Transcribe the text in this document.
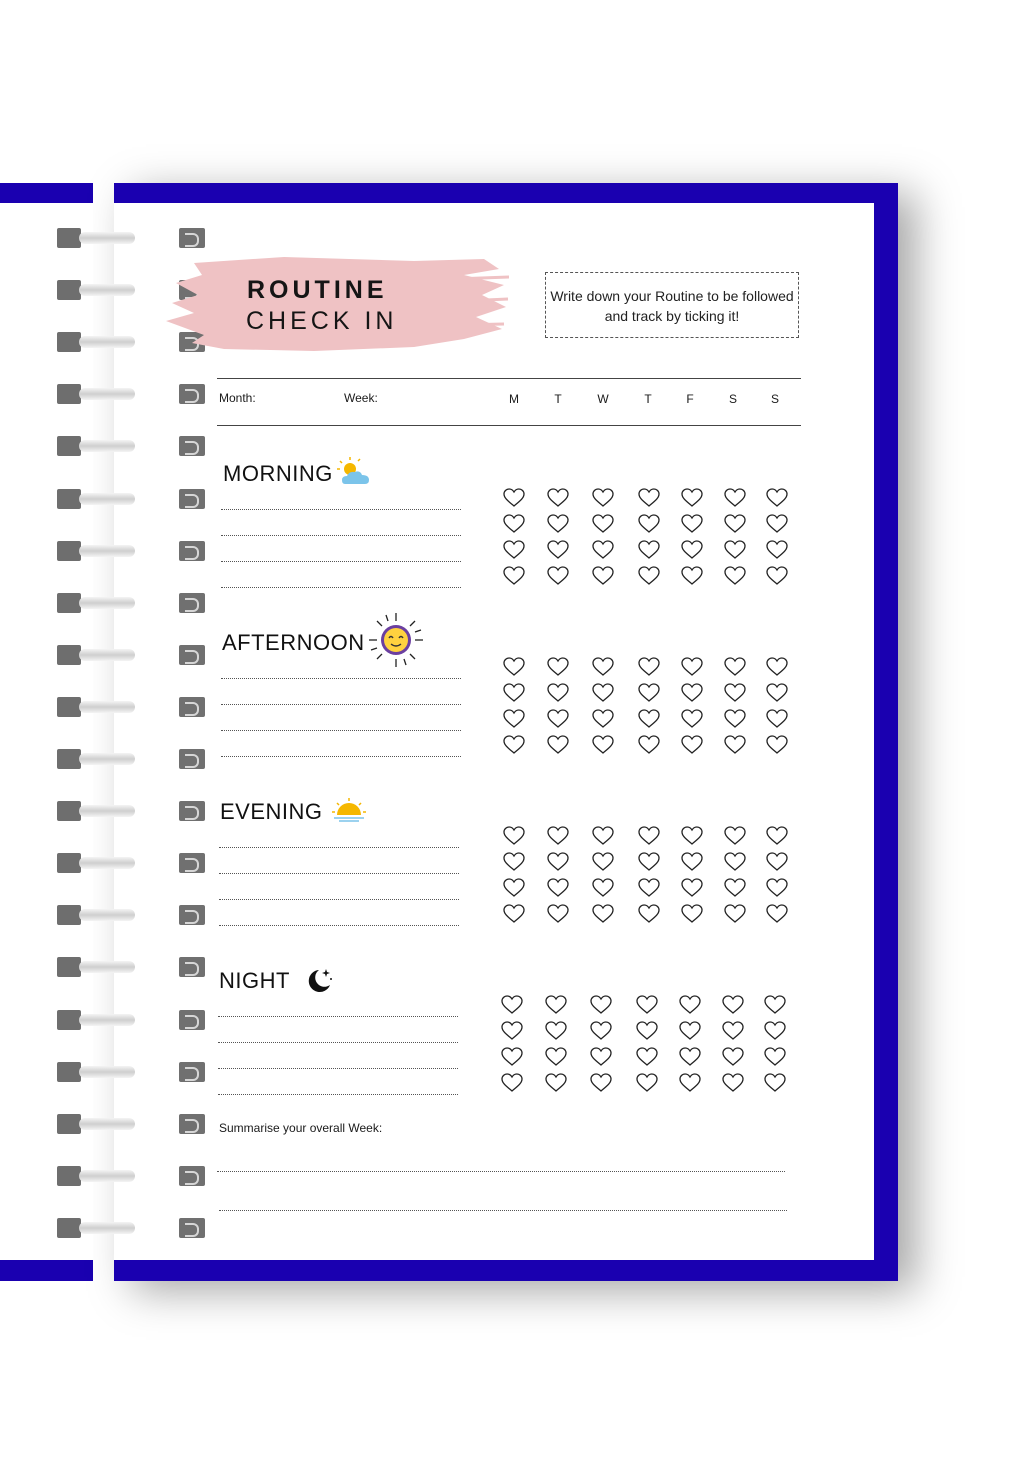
ROUTINE
CHECK IN
Write down your Routine to be followed and track by ticking it!
Month:	Week:	M	T	W	T	F	S	S
MORNING
AFTERNOON
EVENING
NIGHT
Summarise your overall Week:
